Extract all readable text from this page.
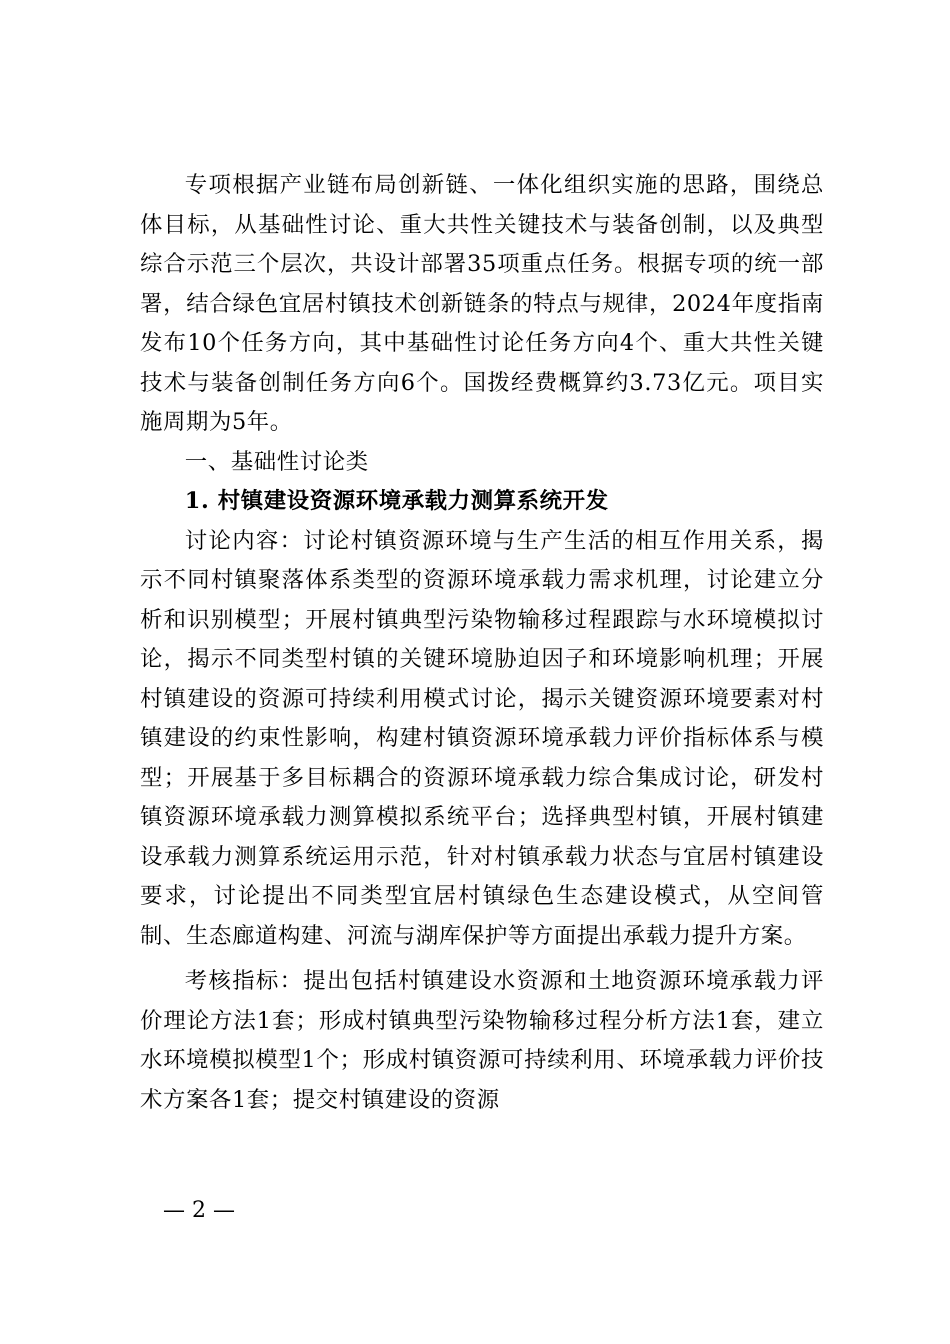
专项根据产业链布局创新链、一体化组织实施的思路，围绕总体目标，从基础性讨论、重大共性关键技术与装备创制，以及典型综合示范三个层次，共设计部署35项重点任务。根据专项的统一部署，结合绿色宜居村镇技术创新链条的特点与规律，2024年度指南发布10个任务方向，其中基础性讨论任务方向4个、重大共性关键技术与装备创制任务方向6个。国拨经费概算约3.73亿元。项目实施周期为5年。

一、基础性讨论类

1. 村镇建设资源环境承载力测算系统开发

讨论内容：讨论村镇资源环境与生产生活的相互作用关系，揭示不同村镇聚落体系类型的资源环境承载力需求机理，讨论建立分析和识别模型；开展村镇典型污染物输移过程跟踪与水环境模拟讨论，揭示不同类型村镇的关键环境胁迫因子和环境影响机理；开展村镇建设的资源可持续利用模式讨论，揭示关键资源环境要素对村镇建设的约束性影响，构建村镇资源环境承载力评价指标体系与模型；开展基于多目标耦合的资源环境承载力综合集成讨论，研发村镇资源环境承载力测算模拟系统平台；选择典型村镇，开展村镇建设承载力测算系统运用示范，针对村镇承载力状态与宜居村镇建设要求，讨论提出不同类型宜居村镇绿色生态建设模式，从空间管制、生态廊道构建、河流与湖库保护等方面提出承载力提升方案。

考核指标：提出包括村镇建设水资源和土地资源环境承载力评价理论方法1套；形成村镇典型污染物输移过程分析方法1套，建立水环境模拟模型1个；形成村镇资源可持续利用、环境承载力评价技术方案各1套；提交村镇建设的资源

— 2 —
